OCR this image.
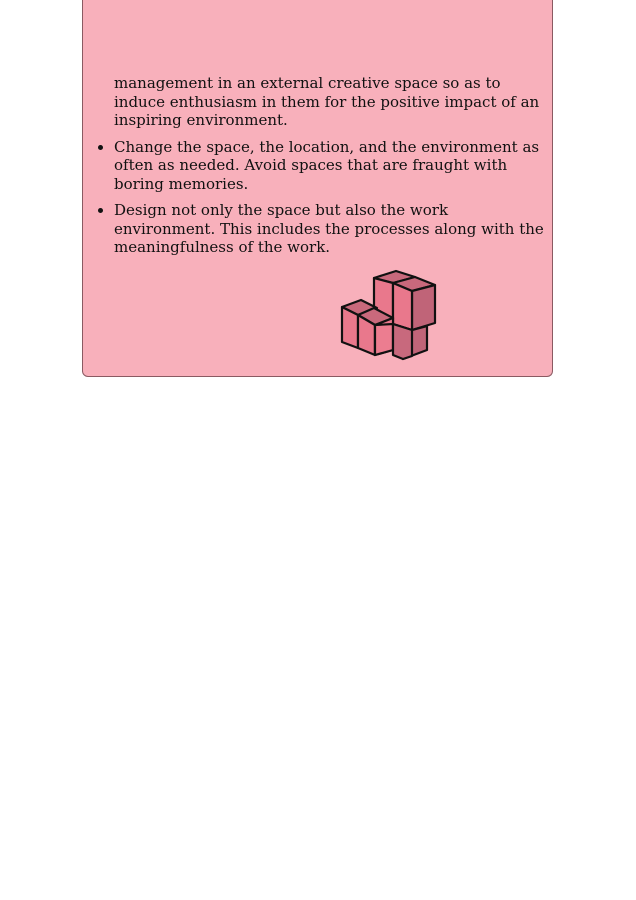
management in an external creative space so as to induce enthusiasm in them for the positive impact of an inspiring environment.
Change the space, the location, and the environment as often as needed. Avoid spaces that are fraught with boring memories.
Design not only the space but also the work environment. This includes the processes along with the meaningfulness of the work.
